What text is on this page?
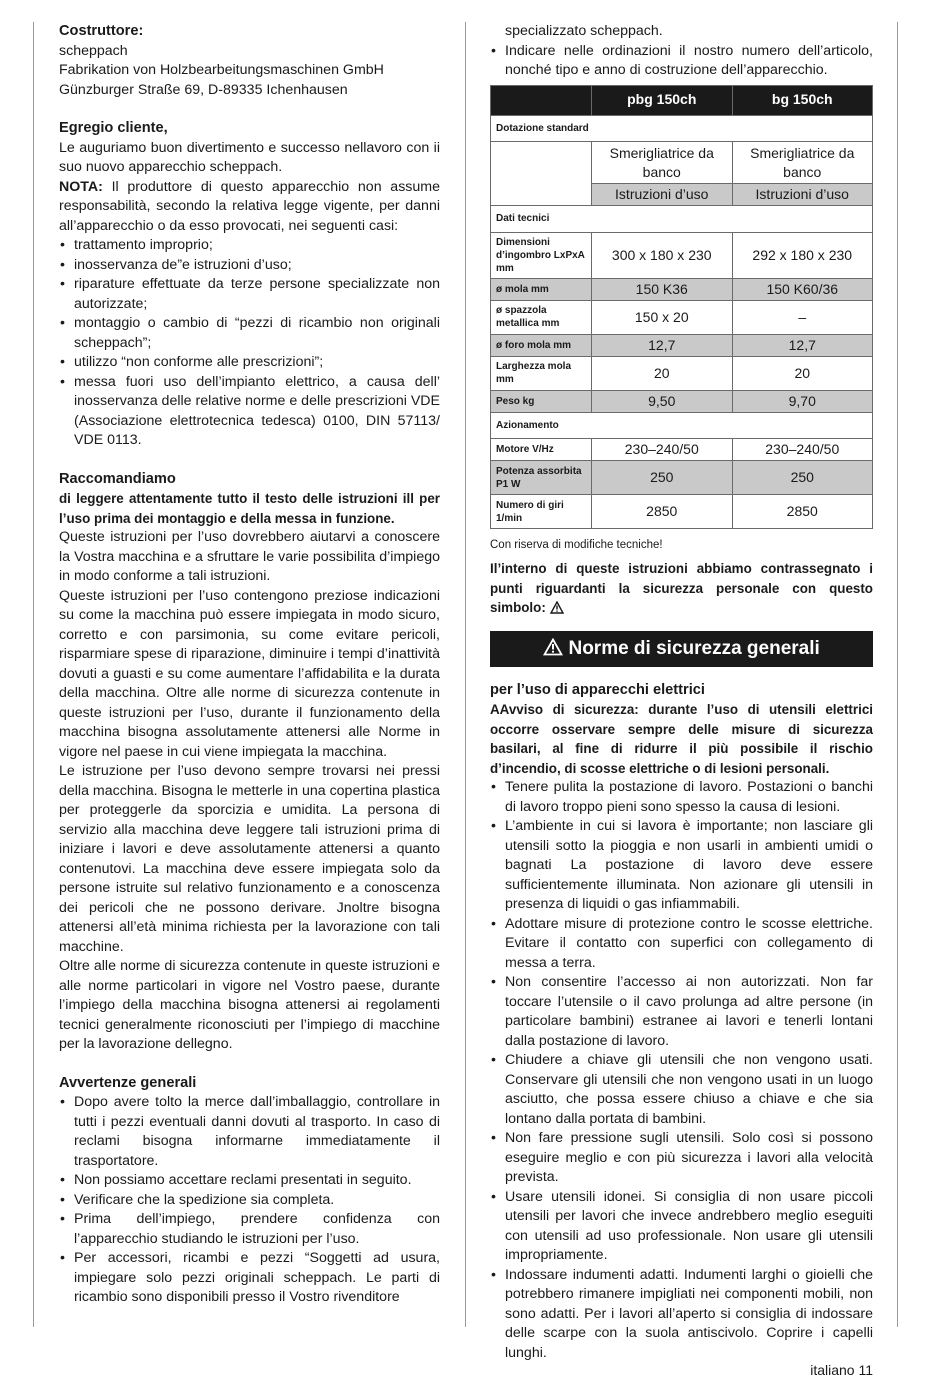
Costruttore:
scheppach
Fabrikation von Holzbearbeitungsmaschinen GmbH
Günzburger Straße 69, D-89335 Ichenhausen
Egregio cliente,
Le auguriamo buon divertimento e successo nellavoro con ii suo nuovo apparecchio scheppach.
NOTA: Il produttore di questo apparecchio non assume responsabilità, secondo la relativa legge vigente, per danni all’apparecchio o da esso provocati, nei seguenti casi:
• trattamento improprio;
• inosservanza de”e istruzioni d’uso;
• riparature effettuate da terze persone specializzate non autorizzate;
• montaggio o cambio di “pezzi di ricambio non originali scheppach”;
• utilizzo “non conforme alle prescrizioni”;
• messa fuori uso dell’impianto elettrico, a causa dell’ inosservanza delle relative norme e delle prescrizioni VDE (Associazione elettrotecnica tedesca) 0100, DIN 57113/ VDE 0113.
Raccomandiamo
di leggere attentamente tutto il testo delle istruzioni ill per l’uso prima dei montaggio e della messa in funzione.
Queste istruzioni per l’uso dovrebbero aiutarvi a conoscere la Vostra macchina e a sfruttare le varie possibilita d’impiego in modo conforme a tali istruzioni.
Queste istruzioni per l’uso contengono preziose indicazioni su come la macchina può essere impiegata in modo sicuro, corretto e con parsimonia, su come evitare pericoli, risparmiare spese di riparazione, diminuire i tempi d’inattività dovuti a guasti e su come aumentare l’affidabilita e la durata della macchina. Oltre alle norme di sicurezza contenute in queste istruzioni per l’uso, durante il funzionamento della macchina bisogna assolutamente attenersi alle Norme in vigore nel paese in cui viene impiegata la macchina.
Le istruzione per l’uso devono sempre trovarsi nei pressi della macchina. Bisogna le metterle in una copertina plastica per proteggerle da sporcizia e umidita. La persona di servizio alla macchina deve leggere tali istruzioni prima di iniziare i lavori e deve assolutamente attenersi a quanto contenutovi. La macchina deve essere impiegata solo da persone istruite sul relativo funzionamento e a conoscenza dei pericoli che ne possono derivare. Jnoltre bisogna attenersi all’età minima richiesta per la lavorazione con tali macchine.
Oltre alle norme di sicurezza contenute in queste istruzioni e alle norme particolari in vigore nel Vostro paese, durante l’impiego della macchina bisogna attenersi ai regolamenti tecnici generalmente riconosciuti per l’impiego di macchine per la lavorazione dellegno.
Avvertenze generali
• Dopo avere tolto la merce dall’imballaggio, controllare in tutti i pezzi eventuali danni dovuti al trasporto. In caso di reclami bisogna informarne immediatamente il trasportatore.
• Non possiamo accettare reclami presentati in seguito.
• Verificare che la spedizione sia completa.
• Prima dell’impiego, prendere confidenza con l’apparecchio studiando le istruzioni per l’uso.
• Per accessori, ricambi e pezzi “Soggetti ad usura, impiegare solo pezzi originali scheppach. Le parti di ricambio sono disponibili presso il Vostro rivenditore
specializzato scheppach.
• Indicare nelle ordinazioni il nostro numero dell’articolo, nonché tipo e anno di costruzione dell’apparecchio.
	pbg 150ch	bg 150ch
Dotazione standard		
	Smerigliatrice da banco	Smerigliatrice da banco
	Istruzioni d’uso	Istruzioni d’uso
Dati tecnici		
Dimensioni d’ingombro LxPxA mm	300 x 180 x 230	292 x 180 x 230
ø mola mm	150 K36	150 K60/36
ø spazzola metallica mm	150 x 20	–
ø foro mola mm	12,7	12,7
Larghezza mola mm	20	20
Peso kg	9,50	9,70
Azionamento		
Motore V/Hz	230–240/50	230–240/50
Potenza assorbita P1 W	250	250
Numero di giri 1/min	2850	2850
Con riserva di modifiche tecniche!
Il’interno di queste istruzioni abbiamo contrassegnato i punti riguardanti la sicurezza personale con questo simbolo:
Norme di sicurezza generali
per l’uso di apparecchi elettrici
AAvviso di sicurezza: durante l’uso di utensili elettrici occorre osservare sempre delle misure di sicurezza basilari, al fine di ridurre il più possibile il rischio d’incendio, di scosse elettriche o di lesioni personali.
• Tenere pulita la postazione di lavoro. Postazioni o banchi di lavoro troppo pieni sono spesso la causa di lesioni.
• L’ambiente in cui si lavora è importante; non lasciare gli utensili sotto la pioggia e non usarli in ambienti umidi o bagnati La postazione di lavoro deve essere sufficientemente illuminata. Non azionare gli utensili in presenza di liquidi o gas infiammabili.
• Adottare misure di protezione contro le scosse elettriche. Evitare il contatto con superfici con collegamento di messa a terra.
• Non consentire l’accesso ai non autorizzati. Non far toccare l’utensile o il cavo prolunga ad altre persone (in particolare bambini) estranee ai lavori e tenerli lontani dalla postazione di lavoro.
• Chiudere a chiave gli utensili che non vengono usati. Conservare gli utensili che non vengono usati in un luogo asciutto, che possa essere chiuso a chiave e che sia lontano dalla portata di bambini.
• Non fare pressione sugli utensili. Solo così si possono eseguire meglio e con più sicurezza i lavori alla velocità prevista.
• Usare utensili idonei. Si consiglia di non usare piccoli utensili per lavori che invece andrebbero meglio eseguiti con utensili ad uso professionale. Non usare gli utensili impropriamente.
• Indossare indumenti adatti. Indumenti larghi o gioielli che potrebbero rimanere impigliati nei componenti mobili, non sono adatti. Per i lavori all’aperto si consiglia di indossare delle scarpe con la suola antiscivolo. Coprire i capelli lunghi.
italiano 11
